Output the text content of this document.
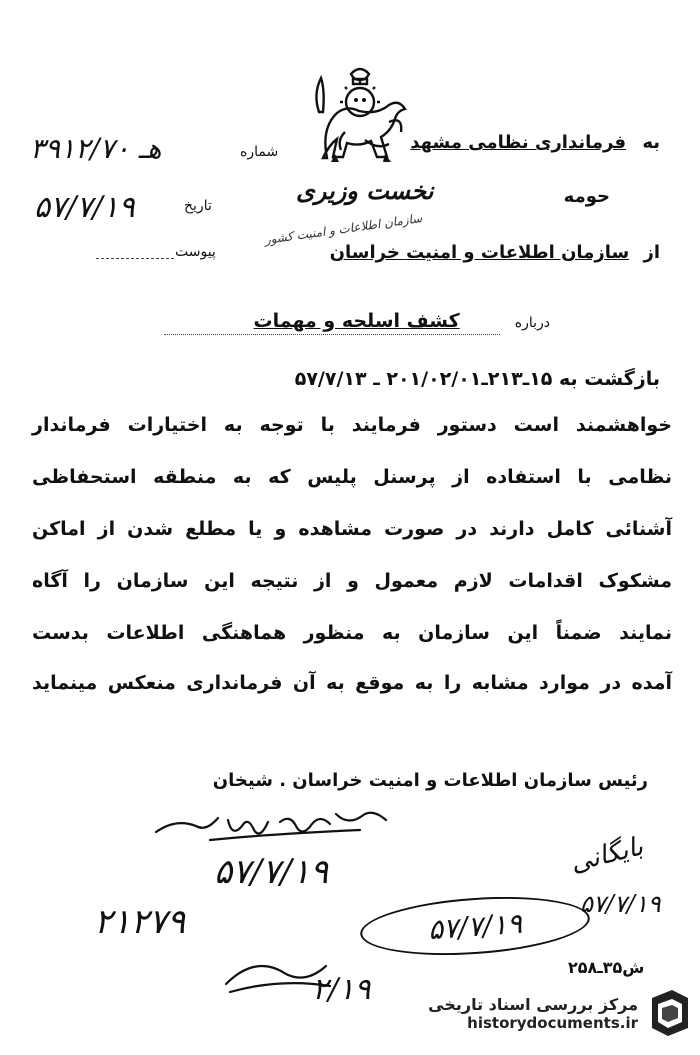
به فرمانداری نظامی مشهد
حومه
نخست وزیری
سازمان اطلاعات و امنیت کشور
از سازمان اطلاعات و امنیت خراسان
شماره
۳۹۱۲/۷۰ هـ
تاریخ
۵۷/۷/۱۹
پیوست
درباره کشف اسلحه و مهمات
بازگشت به ۱۵ـ۲۱۳ـ۲۰۱/۰۲/۰۱ ـ ۵۷/۷/۱۳
خواهشمند است دستور فرمایند با توجه به اختیارات فرماندار
نظامی با استفاده از پرسنل پلیس که به منطقه استحفاظی
آشنائی کامل دارند در صورت مشاهده و یا مطلع شدن از اماکن
مشکوک اقدامات لازم معمول و از نتیجه این سازمان را آگاه
نمایند ضمناً این سازمان به منظور هماهنگی اطلاعات بدست
آمده در موارد مشابه را به موقع به آن فرمانداری منعکس مینماید
رئیس سازمان اطلاعات و امنیت خراسان . شیخان
۵۷/۷/۱۹
۲۱۲۷۹	۵۷/۷/۱۹
بایگانی
۵۷/۷/۱۹
۲/۱۹
ش۳۵ـ۲۵۸
مرکز بررسی اسناد تاریخی
historydocuments.ir
